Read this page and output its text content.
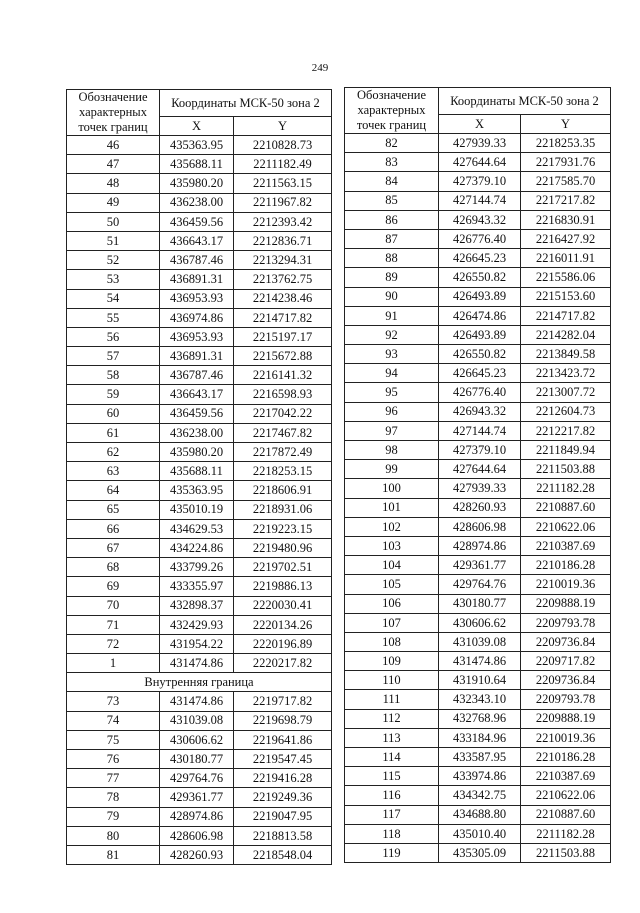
249
Обозначение характерных точек границ	Координаты МСК-50 зона 2	
	X	Y
46	435363.95	2210828.73
47	435688.11	2211182.49
48	435980.20	2211563.15
49	436238.00	2211967.82
50	436459.56	2212393.42
51	436643.17	2212836.71
52	436787.46	2213294.31
53	436891.31	2213762.75
54	436953.93	2214238.46
55	436974.86	2214717.82
56	436953.93	2215197.17
57	436891.31	2215672.88
58	436787.46	2216141.32
59	436643.17	2216598.93
60	436459.56	2217042.22
61	436238.00	2217467.82
62	435980.20	2217872.49
63	435688.11	2218253.15
64	435363.95	2218606.91
65	435010.19	2218931.06
66	434629.53	2219223.15
67	434224.86	2219480.96
68	433799.26	2219702.51
69	433355.97	2219886.13
70	432898.37	2220030.41
71	432429.93	2220134.26
72	431954.22	2220196.89
1	431474.86	2220217.82
Внутренняя граница		
73	431474.86	2219717.82
74	431039.08	2219698.79
75	430606.62	2219641.86
76	430180.77	2219547.45
77	429764.76	2219416.28
78	429361.77	2219249.36
79	428974.86	2219047.95
80	428606.98	2218813.58
81	428260.93	2218548.04
Обозначение характерных точек границ	Координаты МСК-50 зона 2	
	X	Y
82	427939.33	2218253.35
83	427644.64	2217931.76
84	427379.10	2217585.70
85	427144.74	2217217.82
86	426943.32	2216830.91
87	426776.40	2216427.92
88	426645.23	2216011.91
89	426550.82	2215586.06
90	426493.89	2215153.60
91	426474.86	2214717.82
92	426493.89	2214282.04
93	426550.82	2213849.58
94	426645.23	2213423.72
95	426776.40	2213007.72
96	426943.32	2212604.73
97	427144.74	2212217.82
98	427379.10	2211849.94
99	427644.64	2211503.88
100	427939.33	2211182.28
101	428260.93	2210887.60
102	428606.98	2210622.06
103	428974.86	2210387.69
104	429361.77	2210186.28
105	429764.76	2210019.36
106	430180.77	2209888.19
107	430606.62	2209793.78
108	431039.08	2209736.84
109	431474.86	2209717.82
110	431910.64	2209736.84
111	432343.10	2209793.78
112	432768.96	2209888.19
113	433184.96	2210019.36
114	433587.95	2210186.28
115	433974.86	2210387.69
116	434342.75	2210622.06
117	434688.80	2210887.60
118	435010.40	2211182.28
119	435305.09	2211503.88
